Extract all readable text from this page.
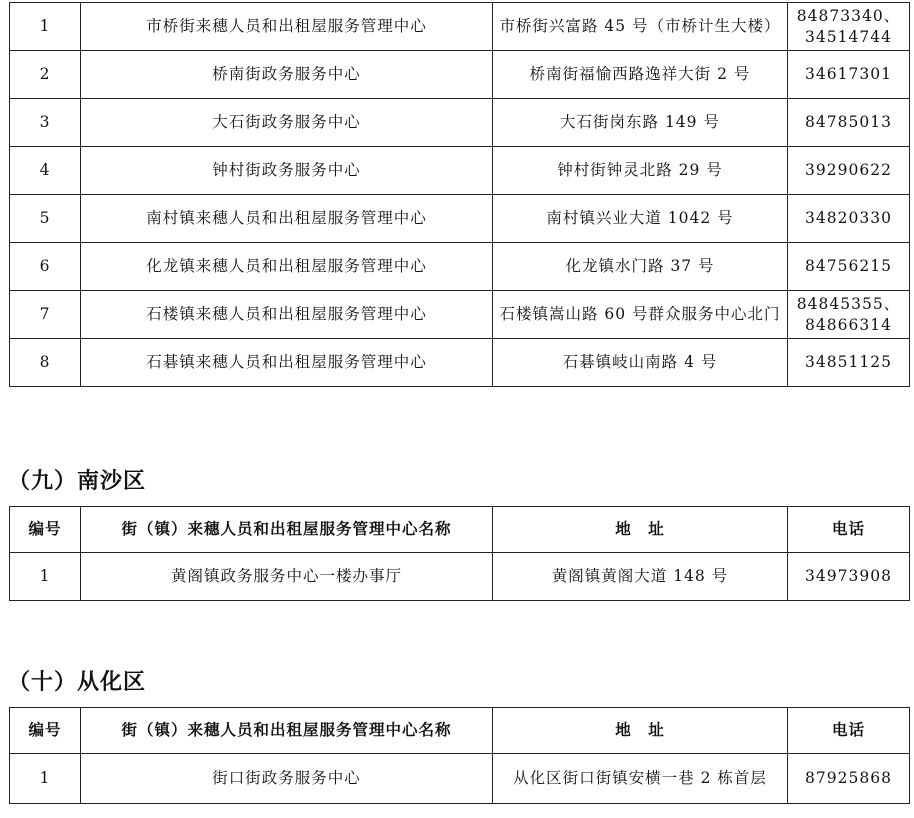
1	市桥街来穗人员和出租屋服务管理中心	市桥街兴富路 45 号（市桥计生大楼）	84873340、34514744
2	桥南街政务服务中心	桥南街福愉西路逸祥大街 2 号	34617301
3	大石街政务服务中心	大石街岗东路 149 号	84785013
4	钟村街政务服务中心	钟村街钟灵北路 29 号	39290622
5	南村镇来穗人员和出租屋服务管理中心	南村镇兴业大道 1042 号	34820330
6	化龙镇来穗人员和出租屋服务管理中心	化龙镇水门路 37 号	84756215
7	石楼镇来穗人员和出租屋服务管理中心	石楼镇嵩山路 60 号群众服务中心北门	84845355、84866314
8	石碁镇来穗人员和出租屋服务管理中心	石碁镇岐山南路 4 号	34851125
（九）南沙区
编号	街（镇）来穗人员和出租屋服务管理中心名称	地　址	电话
1	黄阁镇政务服务中心一楼办事厅	黄阁镇黄阁大道 148 号	34973908
（十）从化区
编号	街（镇）来穗人员和出租屋服务管理中心名称	地　址	电话
1	街口街政务服务中心	从化区街口街镇安横一巷 2 栋首层	87925868
